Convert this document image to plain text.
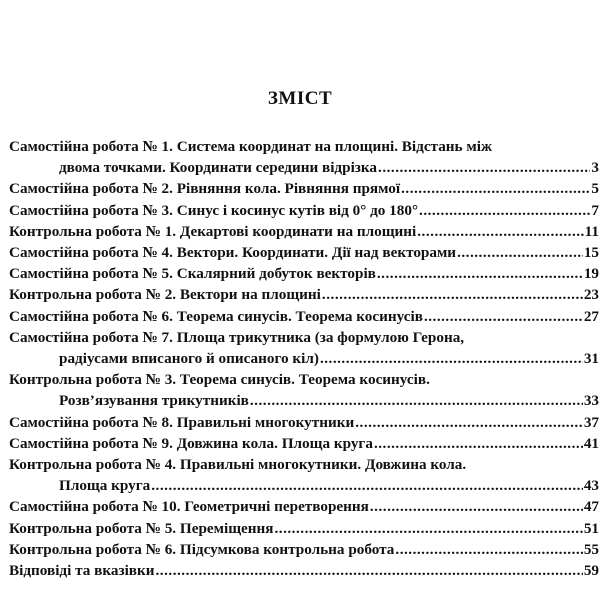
ЗМІСТ
Самостійна робота № 1. Система координат на площині. Відстань між
двома точками. Координати середини відрізка .....	3
Самостійна робота № 2. Рівняння кола. Рівняння прямої .....	5
Самостійна робота № 3. Синус і косинус кутів від 0° до 180° .....	7
Контрольна робота № 1. Декартові координати на площині .....	11
Самостійна робота № 4. Вектори. Координати. Дії над векторами .....	15
Самостійна робота № 5. Скалярний добуток векторів .....	19
Контрольна робота № 2. Вектори на площині .....	23
Самостійна робота № 6. Теорема синусів. Теорема косинусів .....	27
Самостійна робота № 7. Площа трикутника (за формулою Герона,
радіусами вписаного й описаного кіл) .....	31
Контрольна робота № 3. Теорема синусів. Теорема косинусів.
Розв’язування трикутників .....	33
Самостійна робота № 8. Правильні многокутники .....	37
Самостійна робота № 9. Довжина кола. Площа круга .....	41
Контрольна робота № 4. Правильні многокутники. Довжина кола.
Площа круга .....	43
Самостійна робота № 10. Геометричні перетворення .....	47
Контрольна робота № 5. Переміщення .....	51
Контрольна робота № 6. Підсумкова контрольна робота .....	55
Відповіді та вказівки .....	59
